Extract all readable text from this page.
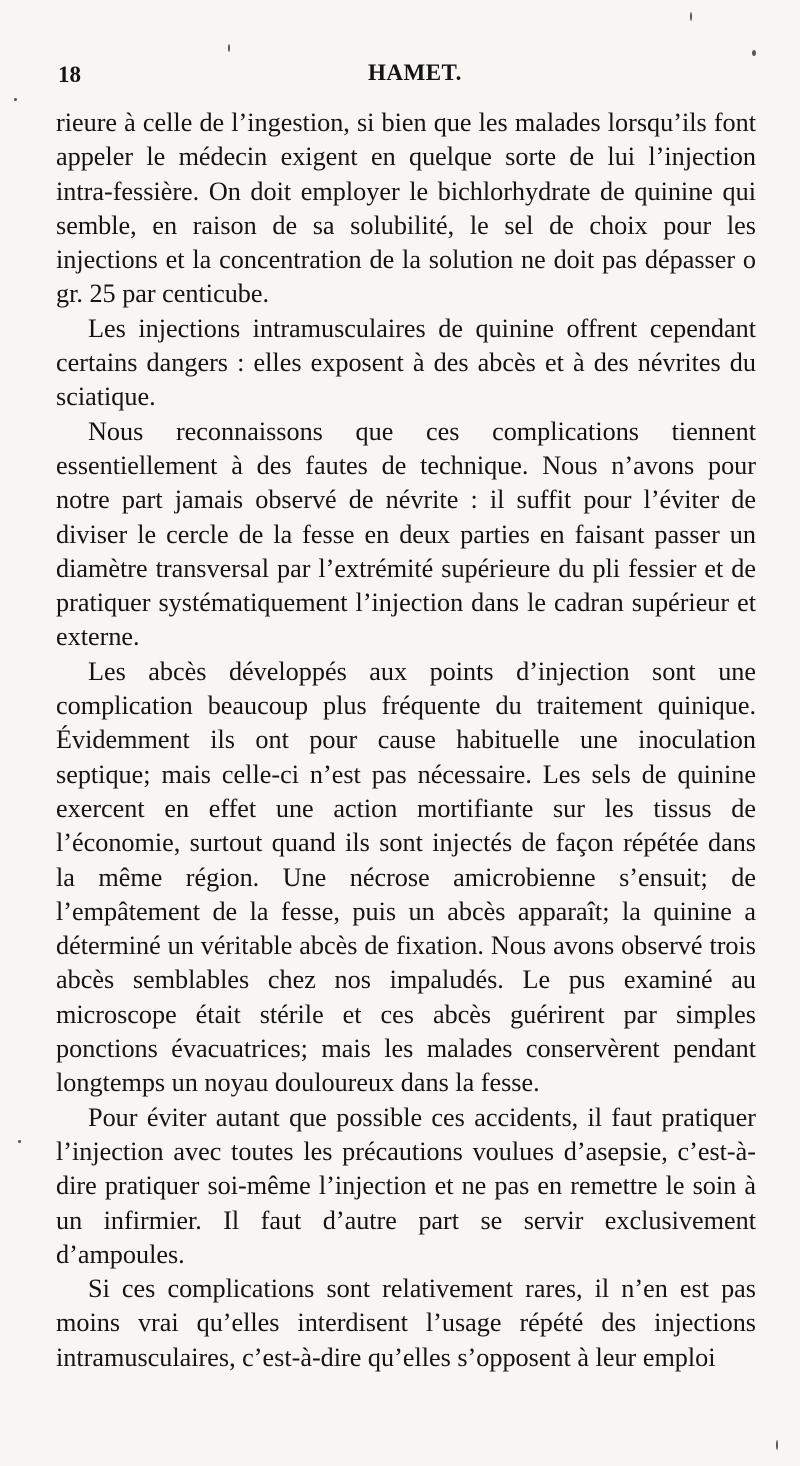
18	HAMET.

rieure à celle de l’ingestion, si bien que les malades lorsqu’ils font appeler le médecin exigent en quelque sorte de lui l’injection intra-fessière. On doit employer le bichlorhydrate de quinine qui semble, en raison de sa solubilité, le sel de choix pour les injections et la concentration de la solution ne doit pas dépasser o gr. 25 par centicube.

Les injections intramusculaires de quinine offrent cependant certains dangers : elles exposent à des abcès et à des névrites du sciatique.

Nous reconnaissons que ces complications tiennent essentiellement à des fautes de technique. Nous n’avons pour notre part jamais observé de névrite : il suffit pour l’éviter de diviser le cercle de la fesse en deux parties en faisant passer un diamètre transversal par l’extrémité supérieure du pli fessier et de pratiquer systématiquement l’injection dans le cadran supérieur et externe.

Les abcès développés aux points d’injection sont une complication beaucoup plus fréquente du traitement quinique. Évidemment ils ont pour cause habituelle une inoculation septique; mais celle-ci n’est pas nécessaire. Les sels de quinine exercent en effet une action mortifiante sur les tissus de l’économie, surtout quand ils sont injectés de façon répétée dans la même région. Une nécrose amicrobienne s’ensuit; de l’empâtement de la fesse, puis un abcès apparaît; la quinine a déterminé un véritable abcès de fixation. Nous avons observé trois abcès semblables chez nos impaludés. Le pus examiné au microscope était stérile et ces abcès guérirent par simples ponctions évacuatrices; mais les malades conservèrent pendant longtemps un noyau douloureux dans la fesse.

Pour éviter autant que possible ces accidents, il faut pratiquer l’injection avec toutes les précautions voulues d’asepsie, c’est-à-dire pratiquer soi-même l’injection et ne pas en remettre le soin à un infirmier. Il faut d’autre part se servir exclusivement d’ampoules.

Si ces complications sont relativement rares, il n’en est pas moins vrai qu’elles interdisent l’usage répété des injections intramusculaires, c’est-à-dire qu’elles s’opposent à leur emploi
